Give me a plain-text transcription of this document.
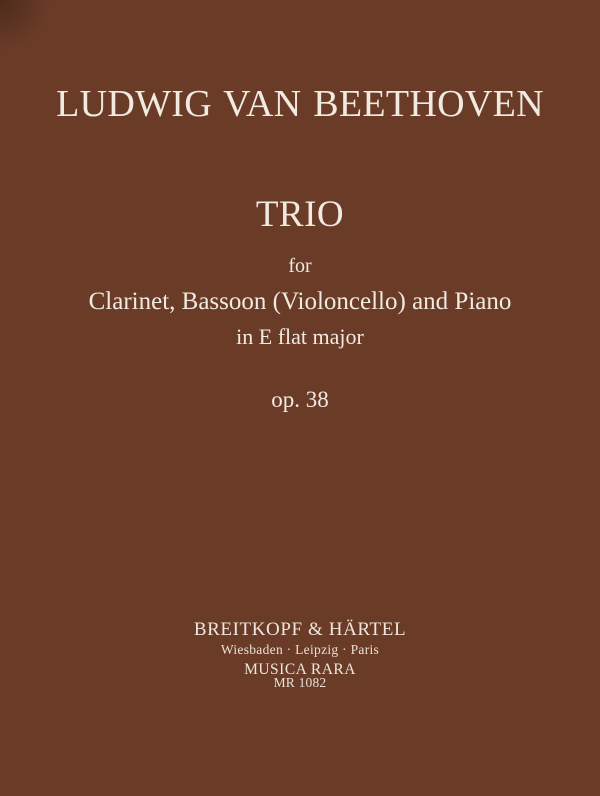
LUDWIG VAN BEETHOVEN
TRIO
for
Clarinet, Bassoon (Violoncello) and Piano
in E flat major
op. 38
BREITKOPF & HÄRTEL
Wiesbaden · Leipzig · Paris
MUSICA RARA
MR 1082
